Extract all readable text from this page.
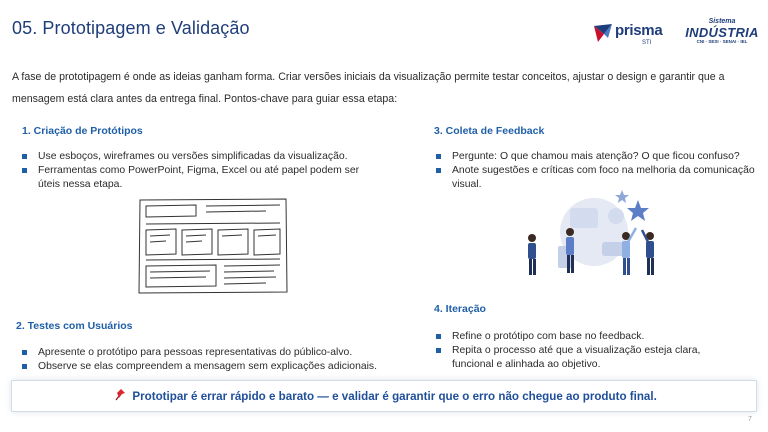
05. Prototipagem e Validação	prisma
STI
Sistema
INDÚSTRIA
CNI · SESI · SENAI · IEL

A fase de prototipagem é onde as ideias ganham forma. Criar versões iniciais da visualização permite testar conceitos, ajustar o design e garantir que a mensagem está clara antes da entrega final. Pontos-chave para guiar essa etapa:

1. Criação de Protótipos
Use esboços, wireframes ou versões simplificadas da visualização.
Ferramentas como PowerPoint, Figma, Excel ou até papel podem ser úteis nessa etapa.
2. Testes com Usuários
Apresente o protótipo para pessoas representativas do público-alvo.
Observe se elas compreendem a mensagem sem explicações adicionais.
3. Coleta de Feedback
Pergunte: O que chamou mais atenção? O que ficou confuso?
Anote sugestões e críticas com foco na melhoria da comunicação visual.
4. Iteração
Refine o protótipo com base no feedback.
Repita o processo até que a visualização esteja clara, funcional e alinhada ao objetivo.
Prototipar é errar rápido e barato — e validar é garantir que o erro não chegue ao produto final.
7
